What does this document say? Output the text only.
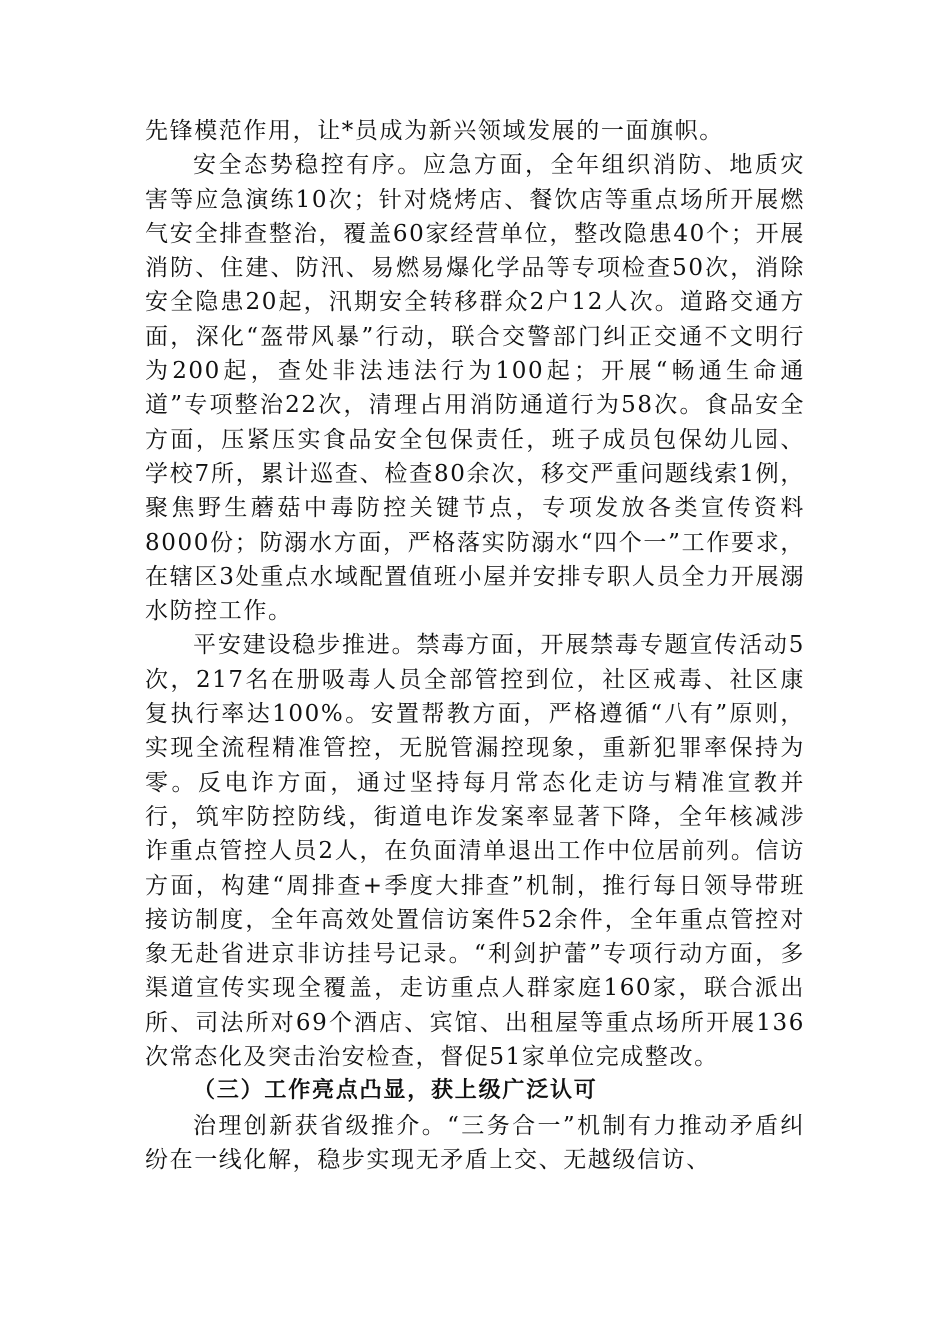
先锋模范作用，让*员成为新兴领域发展的一面旗帜。

安全态势稳控有序。应急方面，全年组织消防、地质灾害等应急演练10次；针对烧烤店、餐饮店等重点场所开展燃气安全排查整治，覆盖60家经营单位，整改隐患40个；开展消防、住建、防汛、易燃易爆化学品等专项检查50次，消除安全隐患20起，汛期安全转移群众2户12人次。道路交通方面，深化“盔带风暴”行动，联合交警部门纠正交通不文明行为200起，查处非法违法行为100起；开展“畅通生命通道”专项整治22次，清理占用消防通道行为58次。食品安全方面，压紧压实食品安全包保责任，班子成员包保幼儿园、学校7所，累计巡查、检查80余次，移交严重问题线索1例，聚焦野生蘑菇中毒防控关键节点，专项发放各类宣传资料8000份；防溺水方面，严格落实防溺水“四个一”工作要求，在辖区3处重点水域配置值班小屋并安排专职人员全力开展溺水防控工作。

平安建设稳步推进。禁毒方面，开展禁毒专题宣传活动5次，217名在册吸毒人员全部管控到位，社区戒毒、社区康复执行率达100%。安置帮教方面，严格遵循“八有”原则，实现全流程精准管控，无脱管漏控现象，重新犯罪率保持为零。反电诈方面，通过坚持每月常态化走访与精准宣教并行，筑牢防控防线，街道电诈发案率显著下降，全年核减涉诈重点管控人员2人，在负面清单退出工作中位居前列。信访方面，构建“周排查+季度大排查”机制，推行每日领导带班接访制度，全年高效处置信访案件52余件，全年重点管控对象无赴省进京非访挂号记录。“利剑护蕾”专项行动方面，多渠道宣传实现全覆盖，走访重点人群家庭160家，联合派出所、司法所对69个酒店、宾馆、出租屋等重点场所开展136次常态化及突击治安检查，督促51家单位完成整改。

（三）工作亮点凸显，获上级广泛认可

治理创新获省级推介。“三务合一”机制有力推动矛盾纠纷在一线化解，稳步实现无矛盾上交、无越级信访、
